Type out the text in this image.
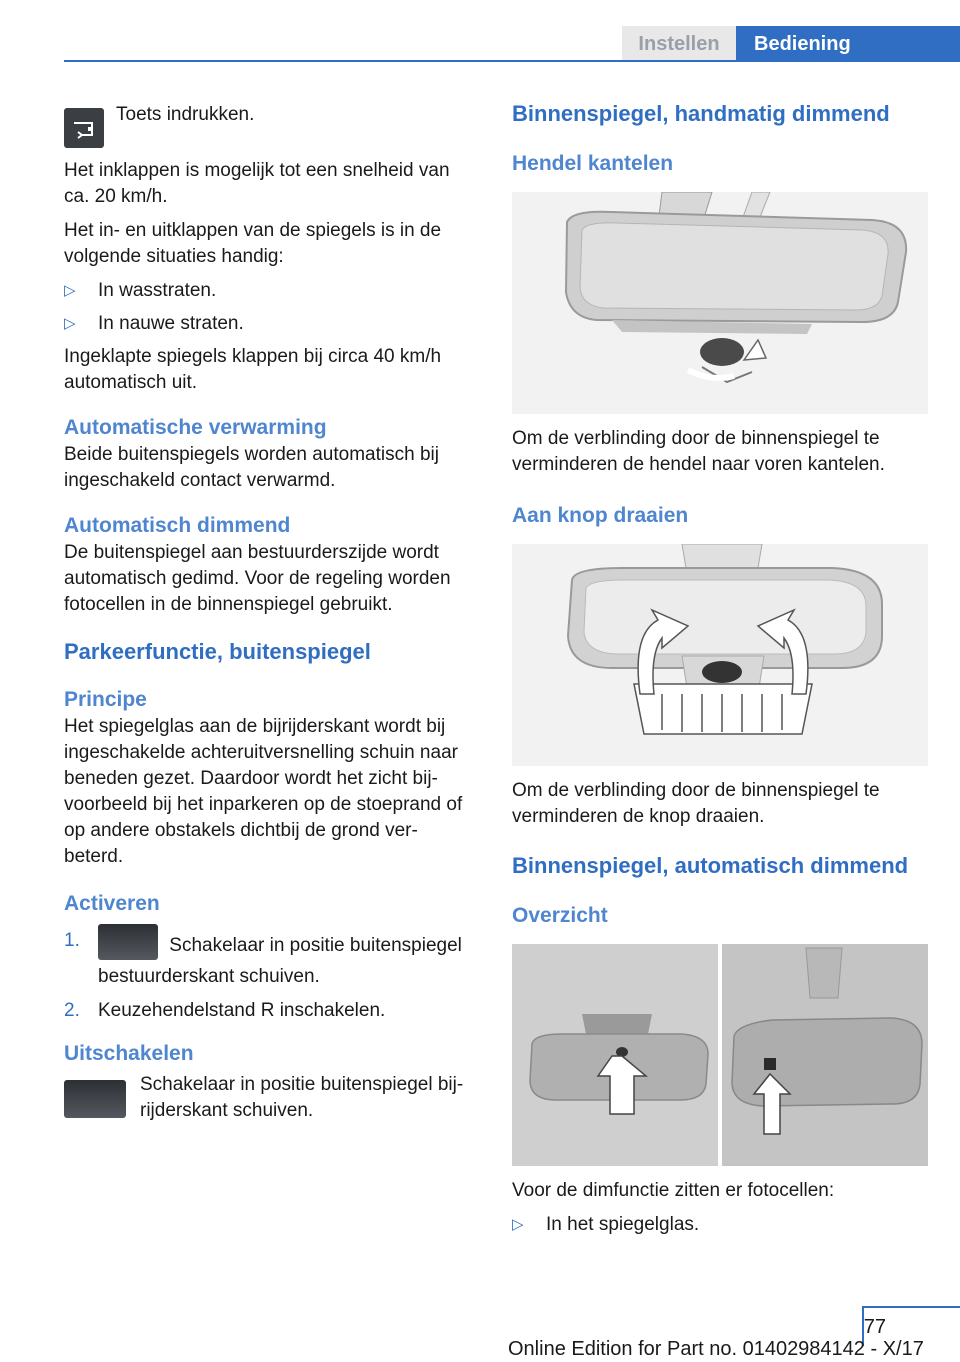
Instellen	Bediening
Toets indrukken.

Het inklappen is mogelijk tot een snelheid van ca. 20 km/h.

Het in- en uitklappen van de spiegels is in de volgende situaties handig:

▷ In wasstraten.
▷ In nauwe straten.

Ingeklapte spiegels klappen bij circa 40 km/h automatisch uit.

Automatische verwarming

Beide buitenspiegels worden automatisch bij ingeschakeld contact verwarmd.

Automatisch dimmend

De buitenspiegel aan bestuurderszijde wordt automatisch gedimd. Voor de regeling worden fotocellen in de binnenspiegel gebruikt.

Parkeerfunctie, buitenspiegel
Principe

Het spiegelglas aan de bijrijderskant wordt bij ingeschakelde achteruitversnelling schuin naar beneden gezet. Daardoor wordt het zicht bij‐ voorbeeld bij het inparkeren op de stoeprand of op andere obstakels dichtbij de grond ver‐ beterd.

Activeren
1.	Schakelaar in positie buitenspiegel bestuurderskant schuiven.
2. Keuzehendelstand R inschakelen.
Uitschakelen

Schakelaar in positie buitenspiegel bij‐ rijderskant schuiven.

Binnenspiegel, handmatig dimmend
Hendel kantelen

Om de verblinding door de binnenspiegel te verminderen de hendel naar voren kantelen.

Aan knop draaien

Om de verblinding door de binnenspiegel te verminderen de knop draaien.

Binnenspiegel, automatisch dimmend
Overzicht

Voor de dimfunctie zitten er fotocellen:

▷ In het spiegelglas.
77
Online Edition for Part no. 01402984142 - X/17
